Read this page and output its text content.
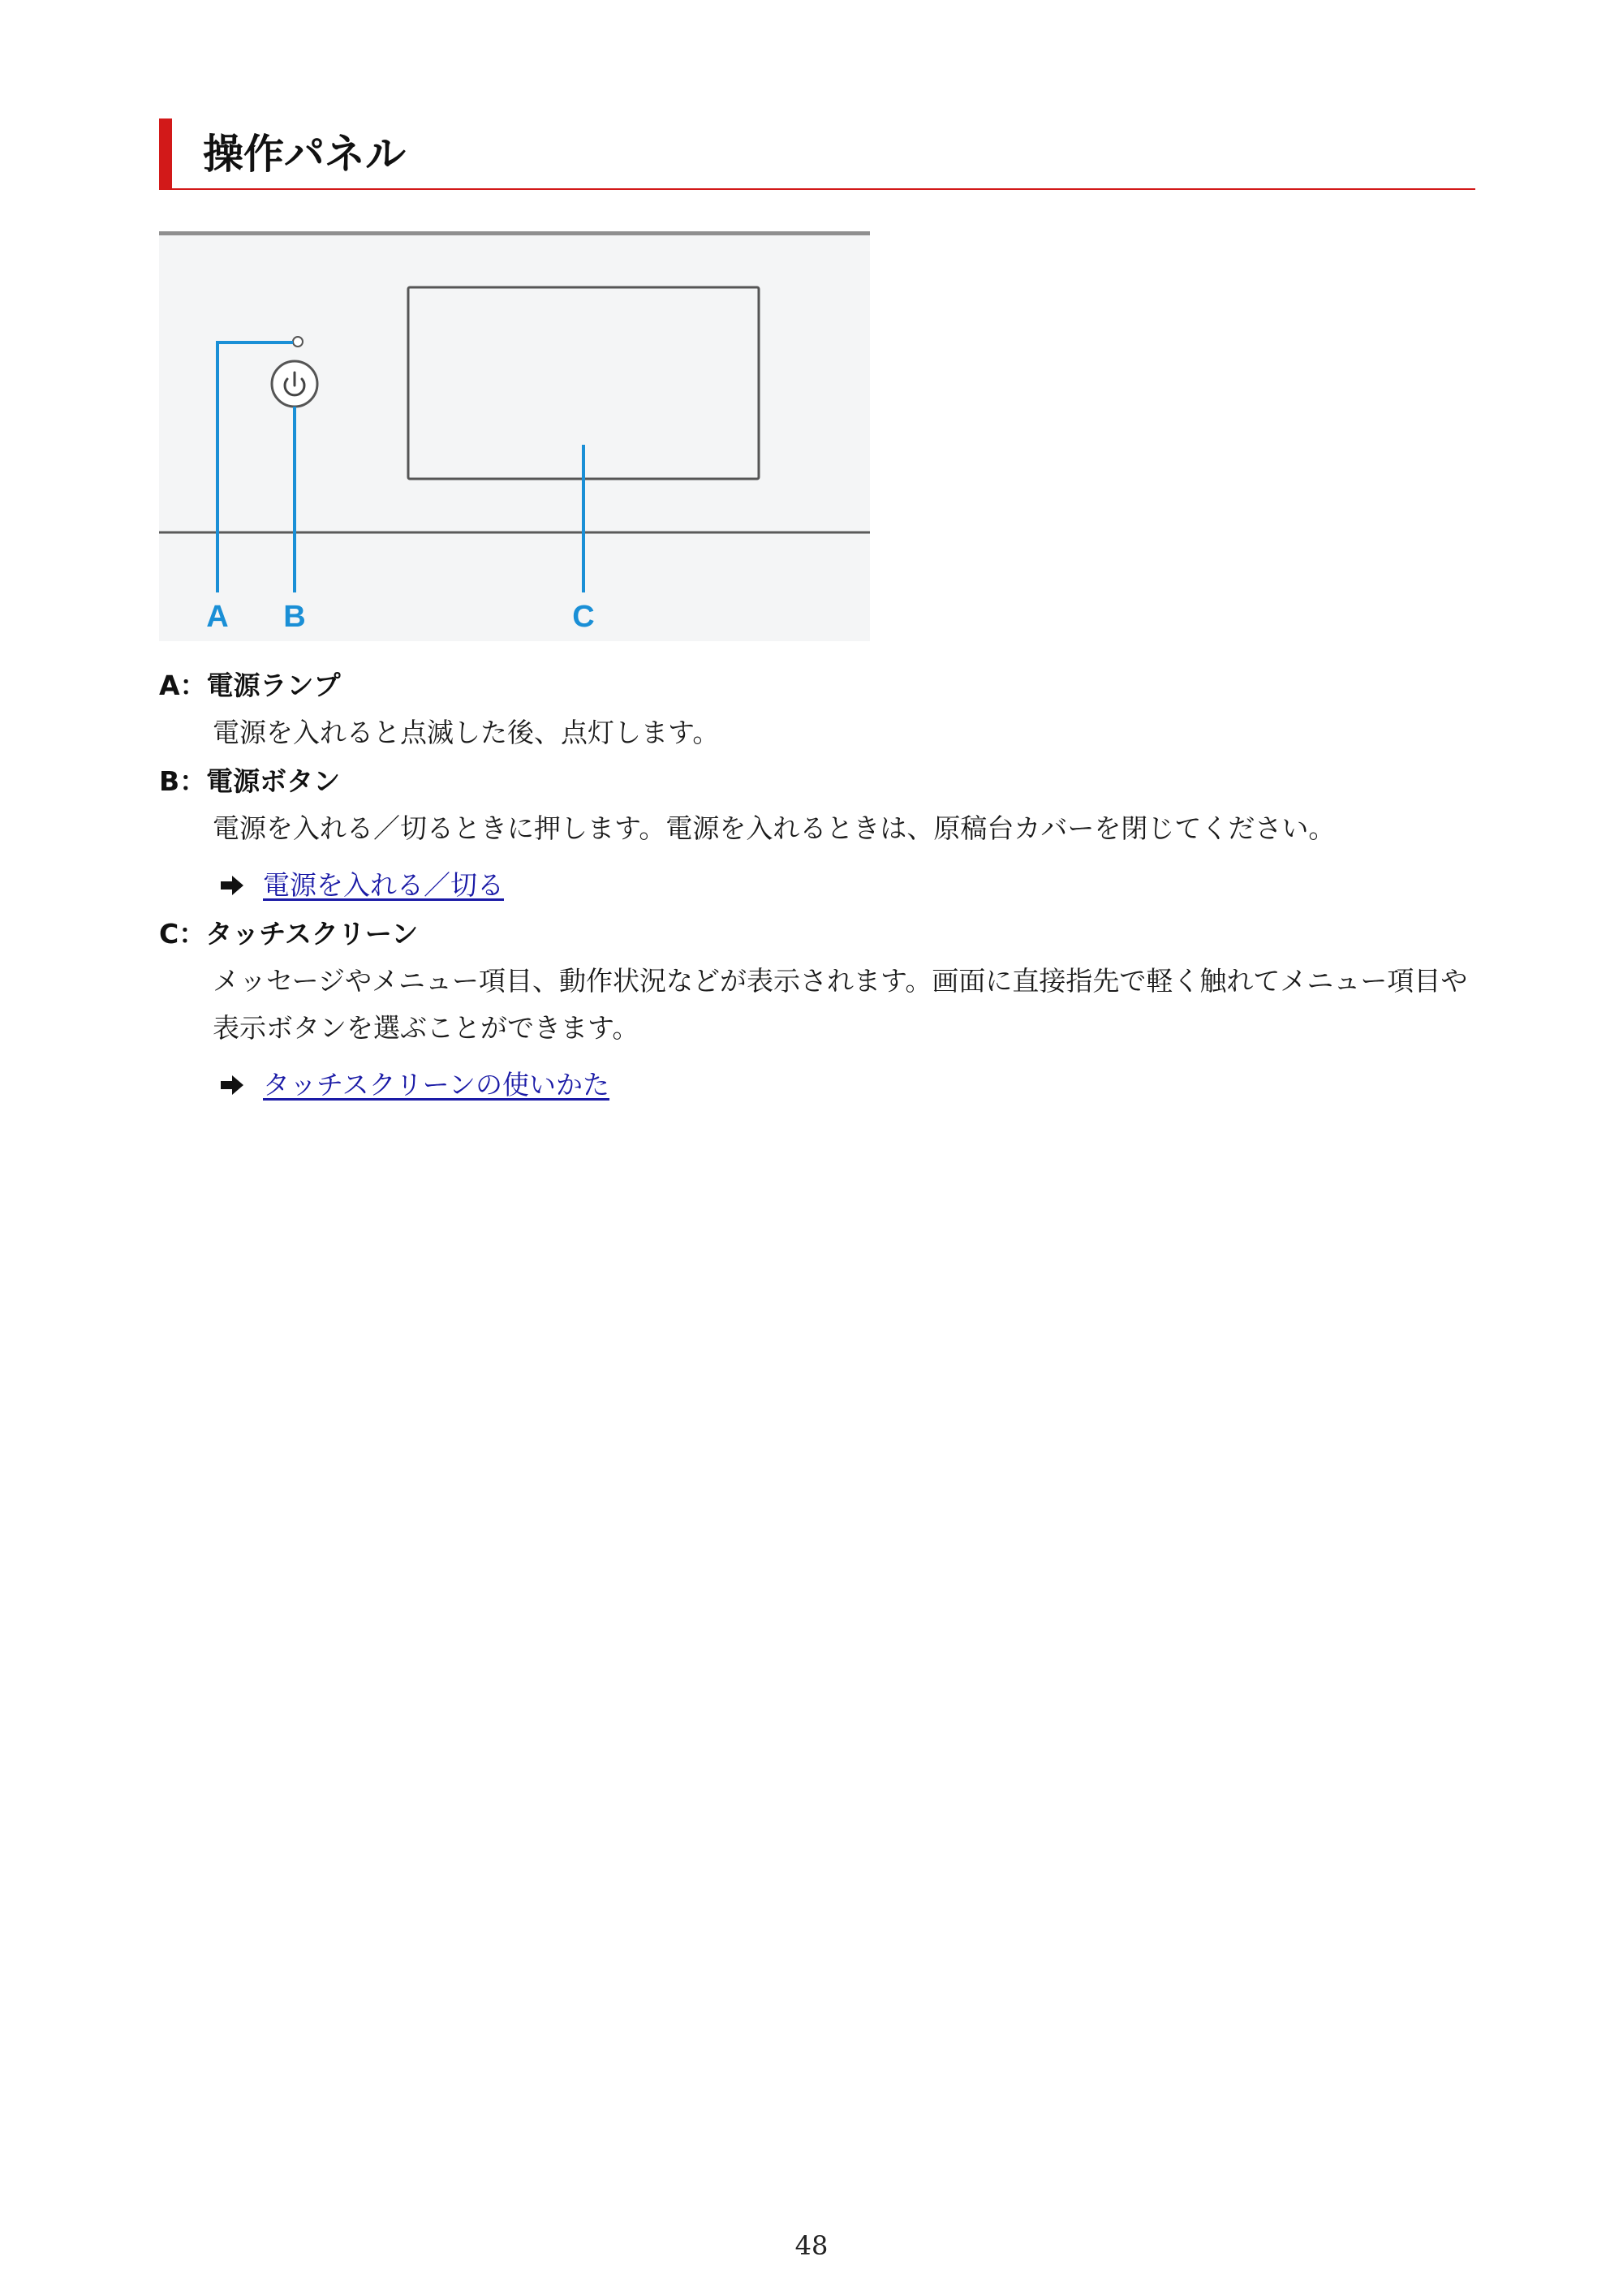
操作パネル
A B	C

A：電源ランプ

電源を入れると点滅した後、点灯します。

B：電源ボタン

電源を入れる／切るときに押します。電源を入れるときは、原稿台カバーを閉じてください。

電源を入れる／切る

C：タッチスクリーン

メッセージやメニュー項目、動作状況などが表示されます。画面に直接指先で軽く触れてメニュー項目や表示ボタンを選ぶことができます。

タッチスクリーンの使いかた
48
